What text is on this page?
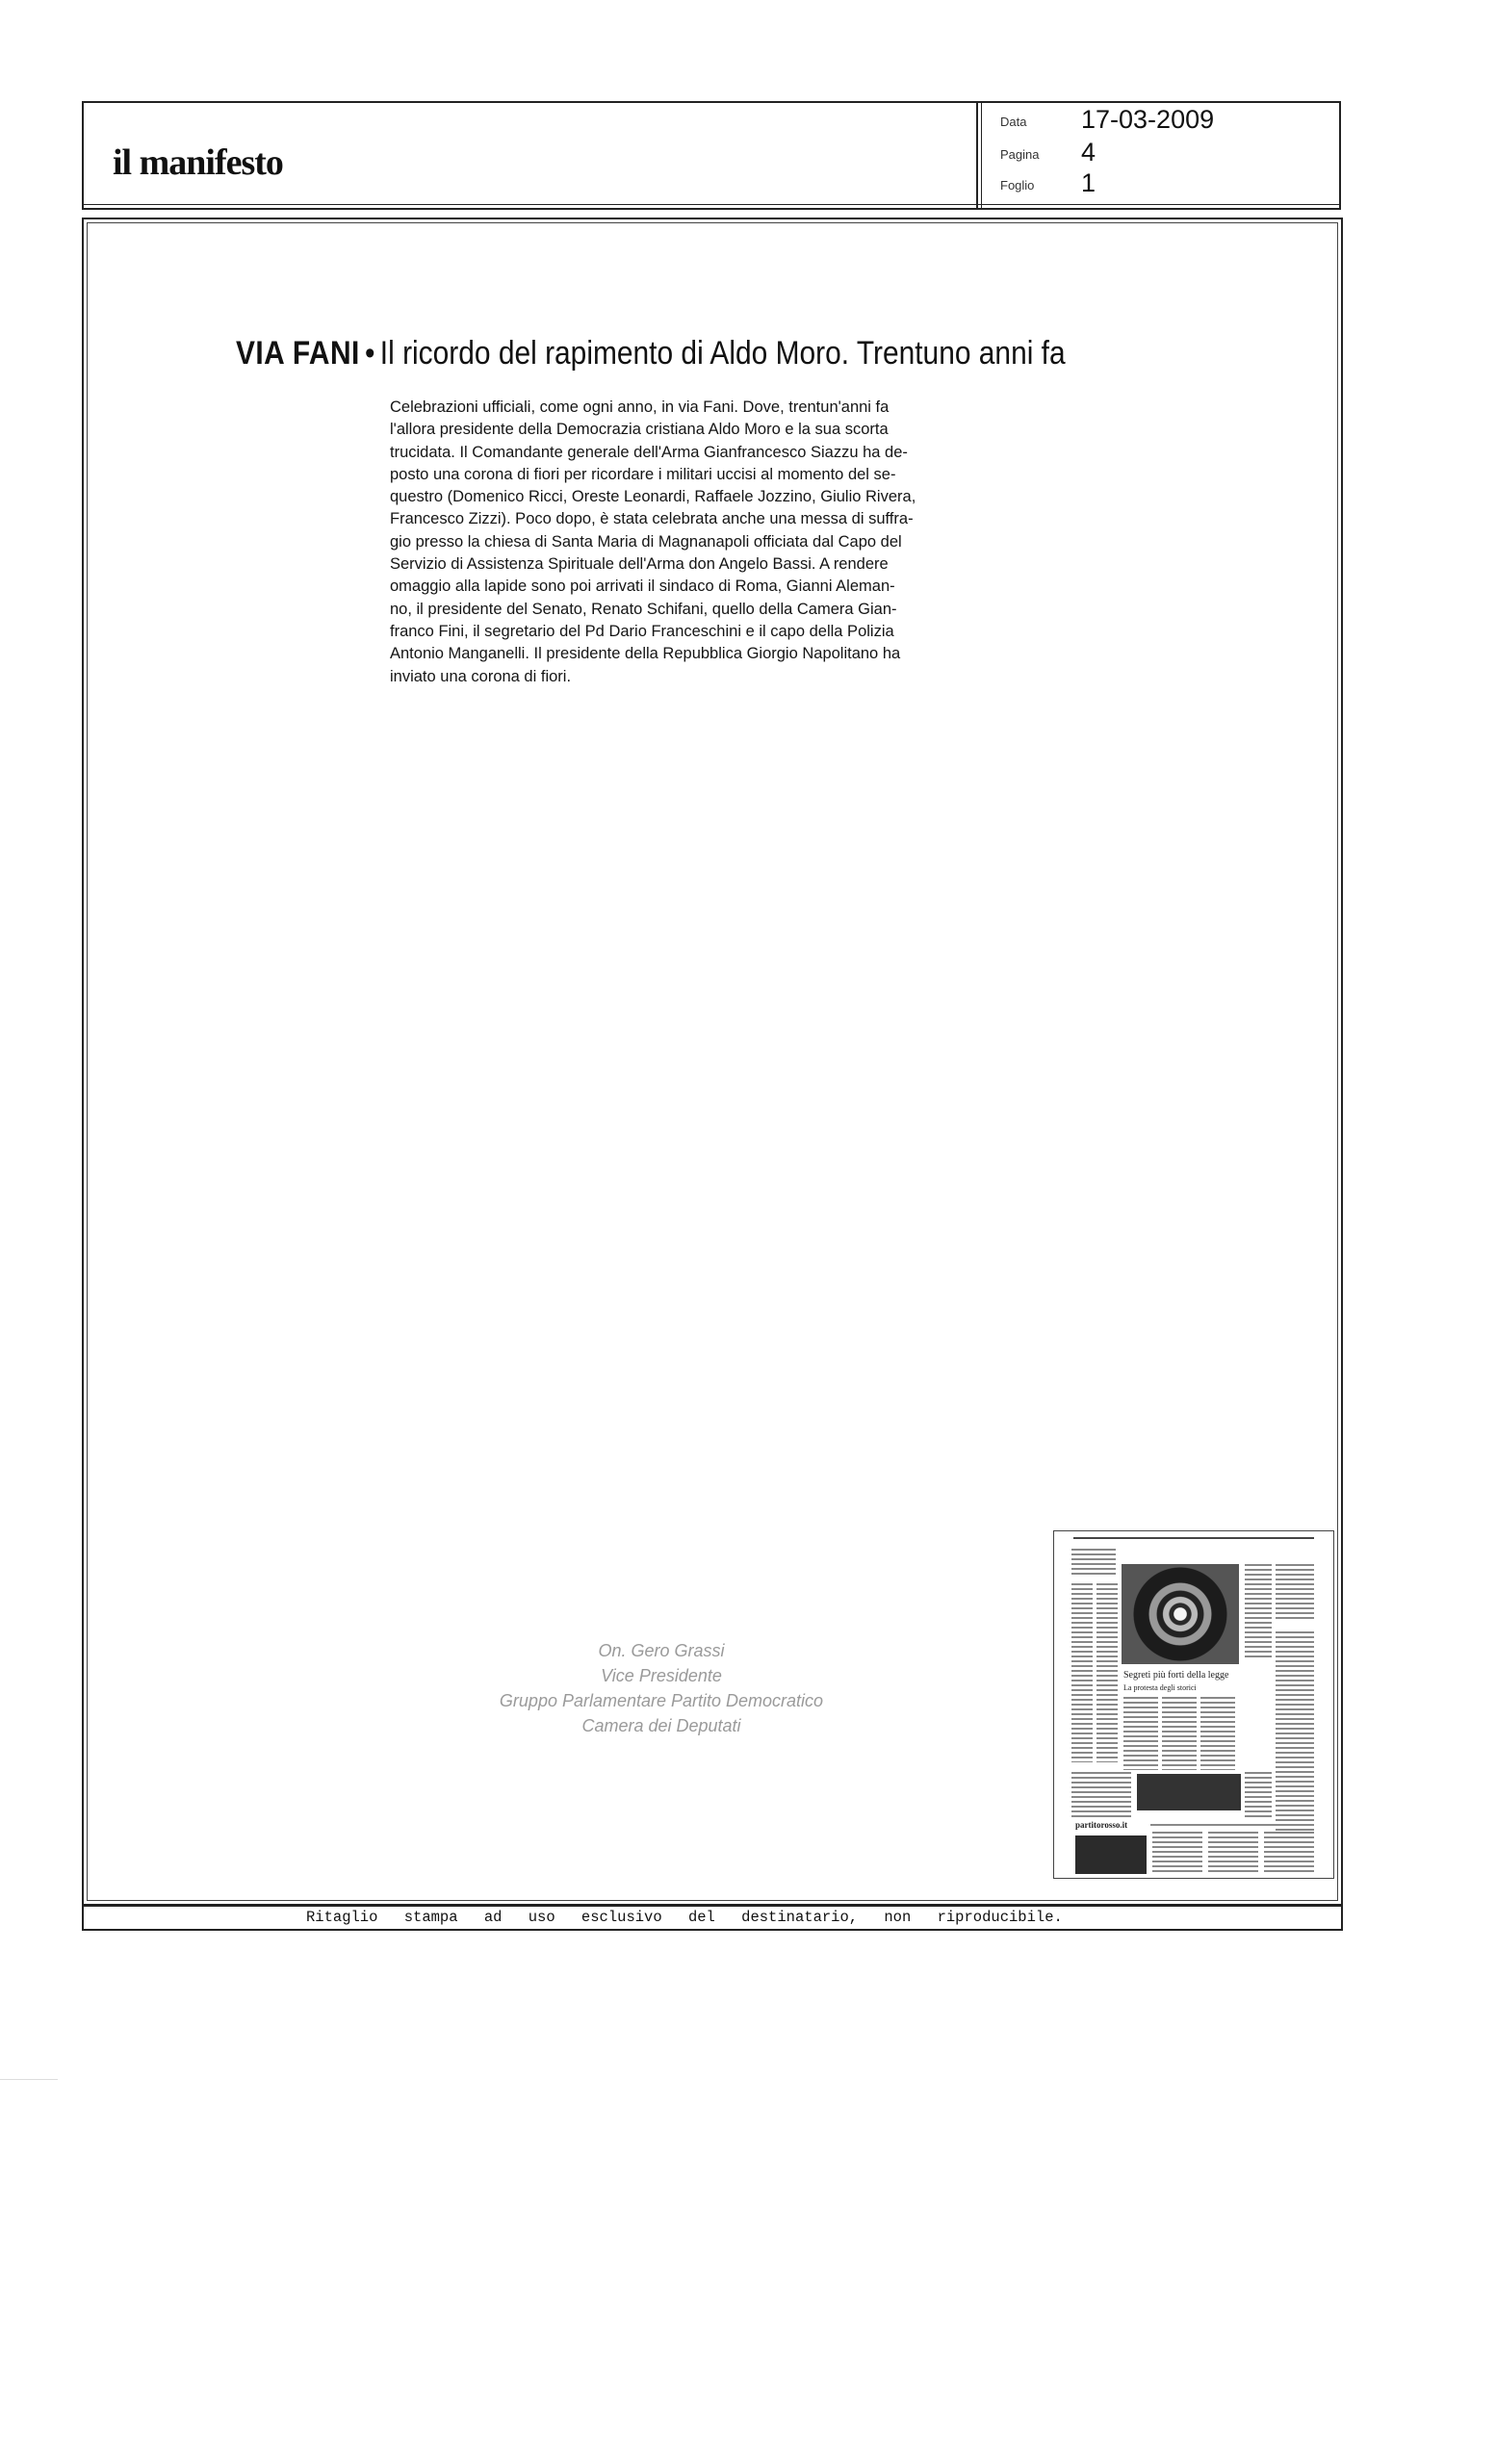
il manifesto
Data 17-03-2009
Pagina 4
Foglio 1
VIA FANI • Il ricordo del rapimento di Aldo Moro. Trentuno anni fa
Celebrazioni ufficiali, come ogni anno, in via Fani. Dove, trentun'anni fa
l'allora presidente della Democrazia cristiana Aldo Moro e la sua scorta
trucidata. Il Comandante generale dell'Arma Gianfrancesco Siazzu ha de-
posto una corona di fiori per ricordare i militari uccisi al momento del se-
questro (Domenico Ricci, Oreste Leonardi, Raffaele Jozzino, Giulio Rivera,
Francesco Zizzi). Poco dopo, è stata celebrata anche una messa di suffra-
gio presso la chiesa di Santa Maria di Magnanapoli officiata dal Capo del
Servizio di Assistenza Spirituale dell'Arma don Angelo Bassi. A rendere
omaggio alla lapide sono poi arrivati il sindaco di Roma, Gianni Aleman-
no, il presidente del Senato, Renato Schifani, quello della Camera Gian-
franco Fini, il segretario del Pd Dario Franceschini e il capo della Polizia
Antonio Manganelli. Il presidente della Repubblica Giorgio Napolitano ha
inviato una corona di fiori.
On. Gero Grassi
Vice Presidente
Gruppo Parlamentare Partito Democratico
Camera dei Deputati
Segreti più forti della legge
La protesta degli storici
partitorosso.it
Ritaglio stampa ad uso esclusivo del destinatario, non riproducibile.
